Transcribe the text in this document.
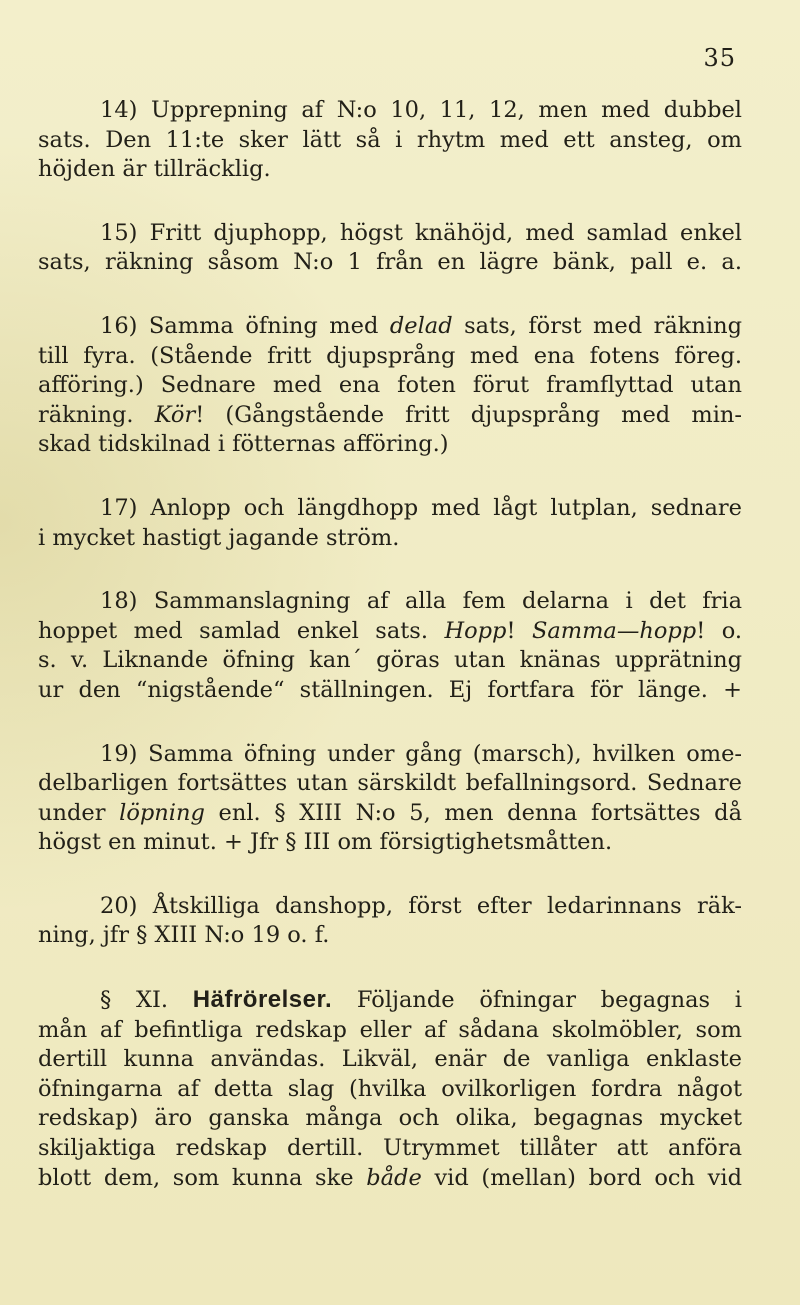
35

14) Upprepning af N:o 10, 11, 12, men med dubbel
sats. Den 11:te sker lätt så i rhytm med ett ansteg, om
höjden är tillräcklig.

15) Fritt djuphopp, högst knähöjd, med samlad enkel
sats, räkning såsom N:o 1 från en lägre bänk, pall e. a.

16) Samma öfning med delad sats, först med räkning
till fyra. (Stående fritt djupsprång med ena fotens föreg.
afföring.) Sednare med ena foten förut framflyttad utan
räkning. Kör! (Gångstående fritt djupsprång med min-
skad tidskilnad i fötternas afföring.)

17) Anlopp och längdhopp med lågt lutplan, sednare
i mycket hastigt jagande ström.

18) Sammanslagning af alla fem delarna i det fria
hoppet med samlad enkel sats. Hopp! Samma—hopp! o.
s. v. Liknande öfning kan´ göras utan knänas upprätning
ur den “nigstående“ ställningen. Ej fortfara för länge. +

19) Samma öfning under gång (marsch), hvilken ome-
delbarligen fortsättes utan särskildt befallningsord. Sednare
under löpning enl. § XIII N:o 5, men denna fortsättes då
högst en minut. + Jfr § III om försigtighetsmåtten.

20) Åtskilliga danshopp, först efter ledarinnans räk-
ning, jfr § XIII N:o 19 o. f.

§ XI. Häfrörelser. Följande öfningar begagnas i
mån af befintliga redskap eller af sådana skolmöbler, som
dertill kunna användas. Likväl, enär de vanliga enklaste
öfningarna af detta slag (hvilka ovilkorligen fordra något
redskap) äro ganska många och olika, begagnas mycket
skiljaktiga redskap dertill. Utrymmet tillåter att anföra
blott dem, som kunna ske både vid (mellan) bord och vid
